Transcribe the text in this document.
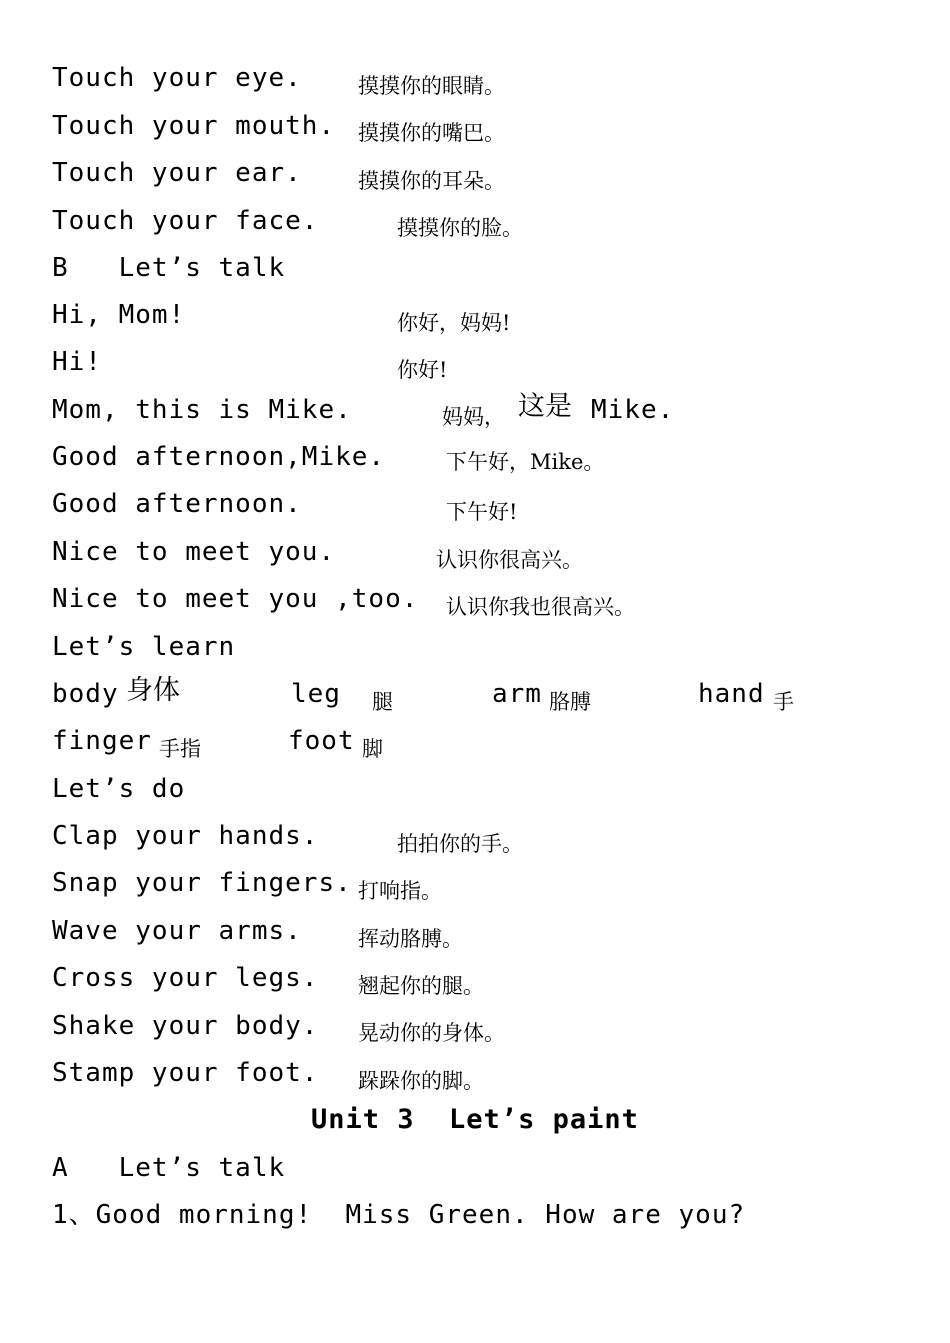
Touch your eye.	摸摸你的眼睛。
Touch your mouth. 摸摸你的嘴巴。
Touch your ear.	摸摸你的耳朵。
Touch your face.	摸摸你的脸。
B   Let’s talk
Hi, Mom!	你好，妈妈!
Hi!	你好!
Mom, this is Mike.	妈妈， 这是 Mike.
Good afternoon,Mike.	下午好，Mike。
Good afternoon.	下午好!
Nice to meet you.	认识你很高兴。
Nice to meet you ,too. 认识你我也很高兴。
Let’s learn
body 身体	leg 腿	arm 胳膊	hand 手
finger 手指	foot 脚
Let’s do
Clap your hands.	拍拍你的手。
Snap your fingers. 打响指。
Wave your arms.	挥动胳膊。
Cross your legs. 翘起你的腿。
Shake your body. 晃动你的身体。
Stamp your foot. 跺跺你的脚。
Unit 3  Let’s paint
A   Let’s talk
1、Good morning!  Miss Green. How are you?
